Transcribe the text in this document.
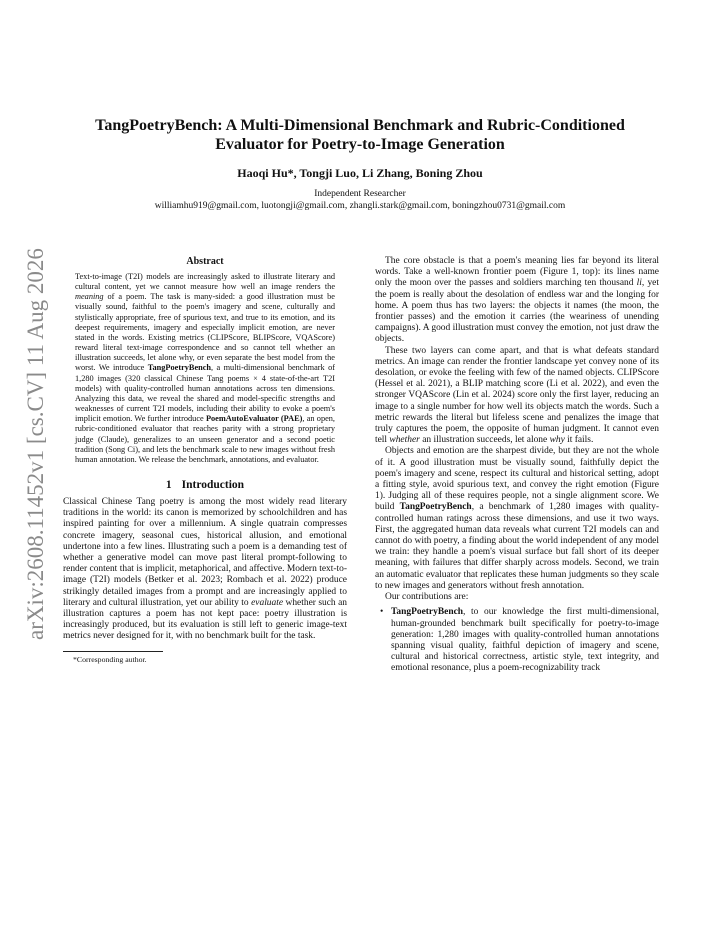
arXiv:2608.11452v1 [cs.CV] 11 Aug 2026
TangPoetryBench: A Multi-Dimensional Benchmark and Rubric-Conditioned
Evaluator for Poetry-to-Image Generation
Haoqi Hu*, Tongji Luo, Li Zhang, Boning Zhou
Independent Researcher
williamhu919@gmail.com, luotongji@gmail.com, zhangli.stark@gmail.com, boningzhou0731@gmail.com
Abstract

Text-to-image (T2I) models are increasingly asked to illustrate literary and cultural content, yet we cannot measure how well an image renders the meaning of a poem. The task is many-sided: a good illustration must be visually sound, faithful to the poem's imagery and scene, culturally and stylistically appropriate, free of spurious text, and true to its emotion, and its deepest requirements, imagery and especially implicit emotion, are never stated in the words. Existing metrics (CLIPScore, BLIPScore, VQAScore) reward literal text-image correspondence and so cannot tell whether an illustration succeeds, let alone why, or even separate the best model from the worst. We introduce TangPoetryBench, a multi-dimensional benchmark of 1,280 images (320 classical Chinese Tang poems × 4 state-of-the-art T2I models) with quality-controlled human annotations across ten dimensions. Analyzing this data, we reveal the shared and model-specific strengths and weaknesses of current T2I models, including their ability to evoke a poem's implicit emotion. We further introduce PoemAutoEvaluator (PAE), an open, rubric-conditioned evaluator that reaches parity with a strong proprietary judge (Claude), generalizes to an unseen generator and a second poetic tradition (Song Ci), and lets the benchmark scale to new images without fresh human annotation. We release the benchmark, annotations, and evaluator.

1 Introduction

Classical Chinese Tang poetry is among the most widely read literary traditions in the world: its canon is memorized by schoolchildren and has inspired painting for over a millennium. A single quatrain compresses concrete imagery, seasonal cues, historical allusion, and emotional undertone into a few lines. Illustrating such a poem is a demanding test of whether a generative model can move past literal prompt-following to render content that is implicit, metaphorical, and affective. Modern text-to-image (T2I) models (Betker et al. 2023; Rombach et al. 2022) produce strikingly detailed images from a prompt and are increasingly applied to literary and cultural illustration, yet our ability to evaluate whether such an illustration captures a poem has not kept pace: poetry illustration is increasingly produced, but its evaluation is still left to generic image-text metrics never designed for it, with no benchmark built for the task.

*Corresponding author.

The core obstacle is that a poem's meaning lies far beyond its literal words. Take a well-known frontier poem (Figure 1, top): its lines name only the moon over the passes and soldiers marching ten thousand li, yet the poem is really about the desolation of endless war and the longing for home. A poem thus has two layers: the objects it names (the moon, the frontier passes) and the emotion it carries (the weariness of unending campaigns). A good illustration must convey the emotion, not just draw the objects.

These two layers can come apart, and that is what defeats standard metrics. An image can render the frontier landscape yet convey none of its desolation, or evoke the feeling with few of the named objects. CLIPScore (Hessel et al. 2021), a BLIP matching score (Li et al. 2022), and even the stronger VQAScore (Lin et al. 2024) score only the first layer, reducing an image to a single number for how well its objects match the words. Such a metric rewards the literal but lifeless scene and penalizes the image that truly captures the poem, the opposite of human judgment. It cannot even tell whether an illustration succeeds, let alone why it fails.

Objects and emotion are the sharpest divide, but they are not the whole of it. A good illustration must be visually sound, faithfully depict the poem's imagery and scene, respect its cultural and historical setting, adopt a fitting style, avoid spurious text, and convey the right emotion (Figure 1). Judging all of these requires people, not a single alignment score. We build TangPoetryBench, a benchmark of 1,280 images with quality-controlled human ratings across these dimensions, and use it two ways. First, the aggregated human data reveals what current T2I models can and cannot do with poetry, a finding about the world independent of any model we train: they handle a poem's visual surface but fall short of its deeper meaning, with failures that differ sharply across models. Second, we train an automatic evaluator that replicates these human judgments so they scale to new images and generators without fresh annotation.

Our contributions are:

• TangPoetryBench, to our knowledge the first multi-dimensional, human-grounded benchmark built specifically for poetry-to-image generation: 1,280 images with quality-controlled human annotations spanning visual quality, faithful depiction of imagery and scene, cultural and historical correctness, artistic style, text integrity, and emotional resonance, plus a poem-recognizability track
